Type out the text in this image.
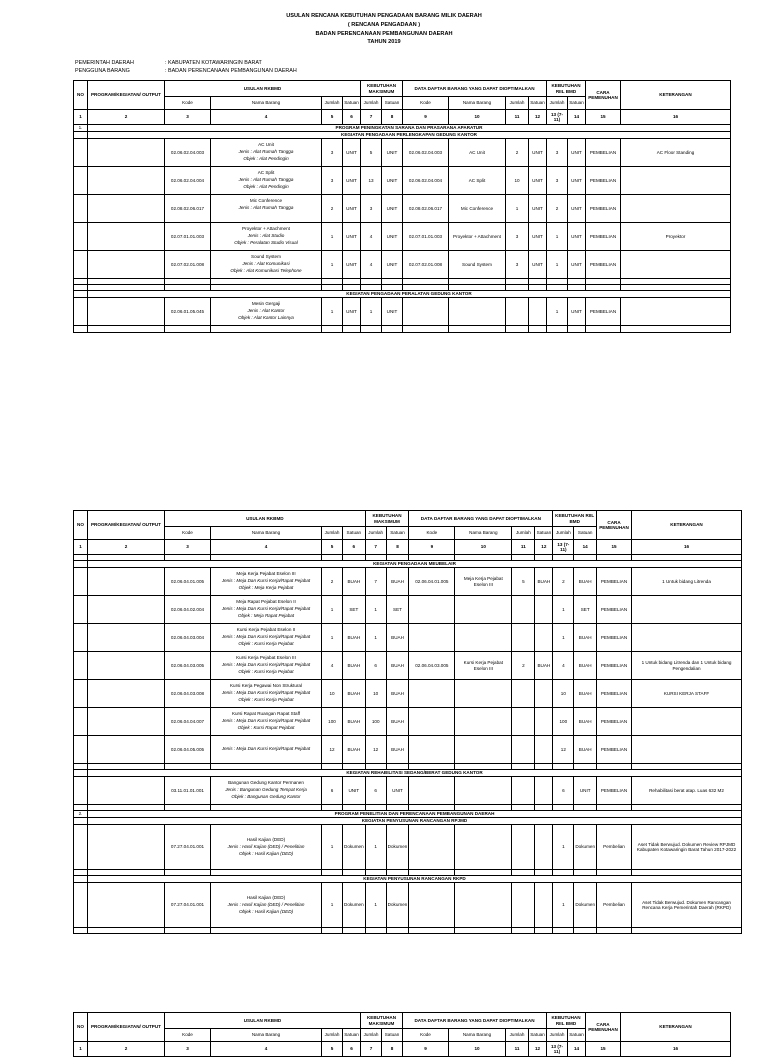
USULAN RENCANA KEBUTUHAN PENGADAAN BARANG MILIK DAERAH
( RENCANA PENGADAAN )
BADAN PERENCANAAN PEMBANGUNAN DAERAH
TAHUN 2019
PEMERINTAH DAERAH	: KABUPATEN KOTAWARINGIN BARAT
PENGGUNA BARANG	: BADAN PERENCANAAN PEMBANGUNAN DAERAH
NO	PROGRAM/KEGIATAN/ OUTPUT	USULAN RKBMD				KEBUTUHAN MAKSIMUM		DATA DAFTAR BARANG YANG DAPAT DIOPTIMALKAN				KEBUTUHAN RIIL BMD		CARA PEMENUHAN	KETERANGAN
		Kode	Nama Barang	Jumlah	Satuan	Jumlah	Satuan	Kode	Nama Barang	Jumlah	Satuan	Jumlah	Satuan		
1	2	3	4	5	6	7	8	9	10	11	12	13 (7-11)	14	15	16
1.	PROGRAM PENINGKATAN SARANA DAN PRASARANA APARATUR														
	KEGIATAN PENGADAAN PERLENGKAPAN GEDUNG KANTOR														
		02.06.02.04.003	AC Unit
Jenis : Alat Rumah Tangga
Objek : Alat Pendingin	3	UNIT	5	UNIT	02.06.02.04.003	AC Unit	2	UNIT	3	UNIT	PEMBELIAN	AC Floor Standing
		02.06.02.04.004	AC Split
Jenis : Alat Rumah Tangga
Objek : Alat Pendingin	3	UNIT	13	UNIT	02.06.02.04.004	AC Split	10	UNIT	3	UNIT	PEMBELIAN	
		02.08.02.06.017	Mic Conference
Jenis : Alat Rumah Tangga	2	UNIT	3	UNIT	02.08.02.06.017	Mic Conference	1	UNIT	2	UNIT	PEMBELIAN	
		02.07.01.01.003	Proyektor + Attachment
Jenis : Alat Studio
Objek : Peralatan Studio Visual	1	UNIT	4	UNIT	02.07.01.01.003	Proyektor + Attachment	3	UNIT	1	UNIT	PEMBELIAN	Proyektor
		02.07.02.01.008	Sound System
Jenis : Alat Komunikasi
Objek : Alat Komunikasi Telephone	1	UNIT	4	UNIT	02.07.02.01.008	Sound System	3	UNIT	1	UNIT	PEMBELIAN	

	KEGIATAN PENGADAAN PERALATAN GEDUNG KANTOR														
		02.06.01.05.045	Mesin Gergaji
Jenis : Alat Kantor
Objek : Alat Kantor Lainnya	1	UNIT	1	UNIT					1	UNIT	PEMBELIAN	

NO	PROGRAM/KEGIATAN/ OUTPUT	USULAN RKBMD				KEBUTUHAN MAKSIMUM		DATA DAFTAR BARANG YANG DAPAT DIOPTIMALKAN				KEBUTUHAN RIIL BMD		CARA PEMENUHAN	KETERANGAN
		Kode	Nama Barang	Jumlah	Satuan	Jumlah	Satuan	Kode	Nama Barang	Jumlah	Satuan	Jumlah	Satuan		
1	2	3	4	5	6	7	8	9	10	11	12	13 (7-11)	14	15	16

	KEGIATAN PENGADAAN MEUBELAIR														
		02.06.04.01.005	Meja Kerja Pejabat Eselon III
Jenis : Meja Dan Kursi Kerja/Rapat Pejabat
Objek : Meja Kerja Pejabat	2	BUAH	7	BUAH	02.06.04.01.005	Meja Kerja Pejabat Eselon III	5	BUAH	2	BUAH	PEMBELIAN	1 Untuk bidang Litrenda
		02.06.04.02.004	Meja Rapat Pejabat Eselon II
Jenis : Meja Dan Kursi Kerja/Rapat Pejabat
Objek : Meja Rapat Pejabat	1	SET	1	SET					1	SET	PEMBELIAN	
		02.06.04.03.004	Kursi Kerja Pejabat Eselon II
Jenis : Meja Dan Kursi Kerja/Rapat Pejabat
Objek : Kursi Kerja Pejabat	1	BUAH	1	BUAH					1	BUAH	PEMBELIAN	
		02.06.04.03.005	Kursi Kerja Pejabat Eselon III
Jenis : Meja Dan Kursi Kerja/Rapat Pejabat
Objek : Kursi Kerja Pejabat	4	BUAH	6	BUAH	02.06.04.03.005	Kursi Kerja Pejabat Eselon III	2	BUAH	4	BUAH	PEMBELIAN	1 Untuk bidang Litrenda dan 1 Untuk bidang Pengendalian
		02.06.04.03.008	Kursi Kerja Pegawai Non Struktural
Jenis : Meja Dan Kursi Kerja/Rapat Pejabat
Objek : Kursi Kerja Pejabat	10	BUAH	10	BUAH					10	BUAH	PEMBELIAN	KURSI KERJA STAFF
		02.06.04.04.007	Kursi Rapat Ruangan Rapat Staff
Jenis : Meja Dan Kursi Kerja/Rapat Pejabat
Objek : Kursi Rapat Pejabat	100	BUAH	100	BUAH					100	BUAH	PEMBELIAN	
		02.06.04.05.005	Jenis : Meja Dan Kursi Kerja/Rapat Pejabat	12	BUAH	12	BUAH					12	BUAH	PEMBELIAN	

	KEGIATAN REHABILITASI SEDANG/BERAT GEDUNG KANTOR														
		03.11.01.01.001	Bangunan Gedung Kantor Permanen
Jenis : Bangunan Gedung Tempat Kerja
Objek : Bangunan Gedung Kantor	6	UNIT	6	UNIT					6	UNIT	PEMBELIAN	Rehabilitasi berat atap. Luas 632 M2

2.	PROGRAM PENELITIAN DAN PERENCANAAN PEMBANGUNAN DAERAH														
	KEGIATAN PENYUSUNAN RANCANGAN RPJMD														
		07.27.04.01.001	Hasil Kajian (DED)
Jenis : Hasil Kajian (DED) / Penelitian
Objek : Hasil Kajian (DED)	1	Dokumen	1	Dokumen					1	Dokumen	Pembelian	Aset Tidak Berwujud. Dokumen Review RPJMD Kabupaten Kotawaringin Barat Tahun 2017-2022

	KEGIATAN PENYUSUNAN RANCANGAN RKPD														
		07.27.04.01.001	Hasil Kajian (DED)
Jenis : Hasil Kajian (DED) / Penelitian
Objek : Hasil Kajian (DED)	1	Dokumen	1	Dokumen					1	Dokumen	Pembelian	Aset Tidak Berwujud. Dokumen Rancangan Rencana Kerja Pemerintah Daerah (RKPD)

NO	PROGRAM/KEGIATAN/ OUTPUT	USULAN RKBMD				KEBUTUHAN MAKSIMUM		DATA DAFTAR BARANG YANG DAPAT DIOPTIMALKAN				KEBUTUHAN RIIL BMD		CARA PEMENUHAN	KETERANGAN
		Kode	Nama Barang	Jumlah	Satuan	Jumlah	Satuan	Kode	Nama Barang	Jumlah	Satuan	Jumlah	Satuan		
1	2	3	4	5	6	7	8	9	10	11	12	13 (7-11)	14	15	16
